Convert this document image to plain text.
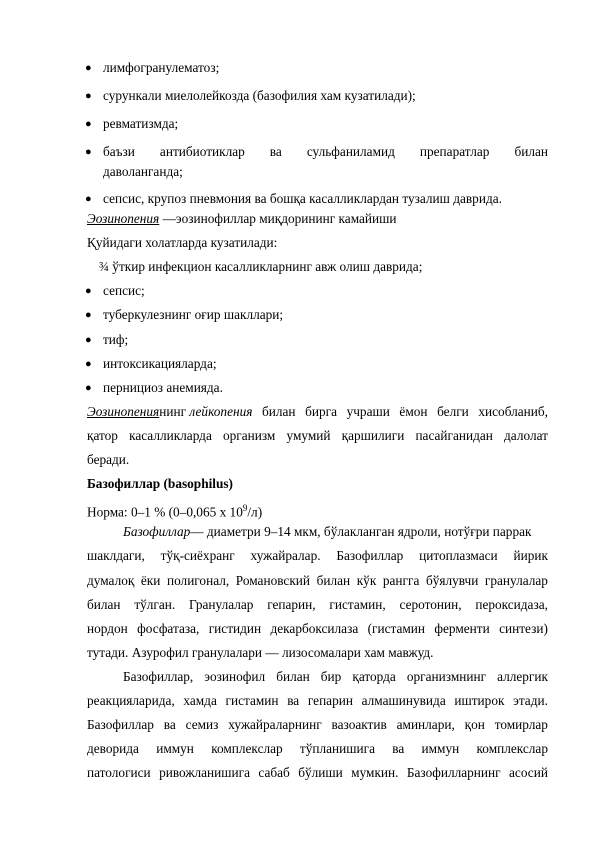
● лимфогранулематоз;
● сурункали миелолейкозда (базофилия хам кузатилади);
● ревматизмда;
● баъзи антибиотиклар ва сульфаниламид препаратлар билан
даволанганда;
● сепсис, крупоз пневмония ва бошқа касалликлардан тузалиш даврида.
Эозинопения —эозинофиллар миқдорининг камайиши
Қуйидаги холатларда кузатилади:
¾ ўткир инфекцион касалликларнинг авж олиш даврида;
● сепсис;
● туберкулезнинг оғир шакллари;
● тиф;
● интоксикацияларда;
● пернициоз анемияда.
Эозинопениянинг лейкопения билан бирга учраши ёмон белги хисобланиб,
қатор касалликларда организм умумий қаршилиги пасайганидан далолат
беради.
Базофиллар (basophilus)
Норма: 0–1 % (0–0,065 х $10^9/л$)
Базофиллар— диаметри 9–14 мкм, бўлакланган ядроли, нотўғри паррак
шаклдаги, тўқ-сиёхранг хужайралар. Базофиллар цитоплазмаси йирик
думалоқ ёки полигонал, Романовский билан кўк рангга бўялувчи гранулалар
билан тўлган. Гранулалар гепарин, гистамин, серотонин, пероксидаза,
нордон фосфатаза, гистидин декарбоксилаза (гистамин ферменти синтези)
тутади. Азурофил гранулалари — лизосомалари хам мавжуд.
Базофиллар, эозинофил билан бир қаторда организмнинг аллергик
реакцияларида, хамда гистамин ва гепарин алмашинувида иштирок этади.
Базофиллар ва семиз хужайраларнинг вазоактив аминлари, қон томирлар
деворида иммун комплекслар тўпланишига ва иммун комплекслар
патологиси ривожланишига сабаб бўлиши мумкин. Базофилларнинг асосий
